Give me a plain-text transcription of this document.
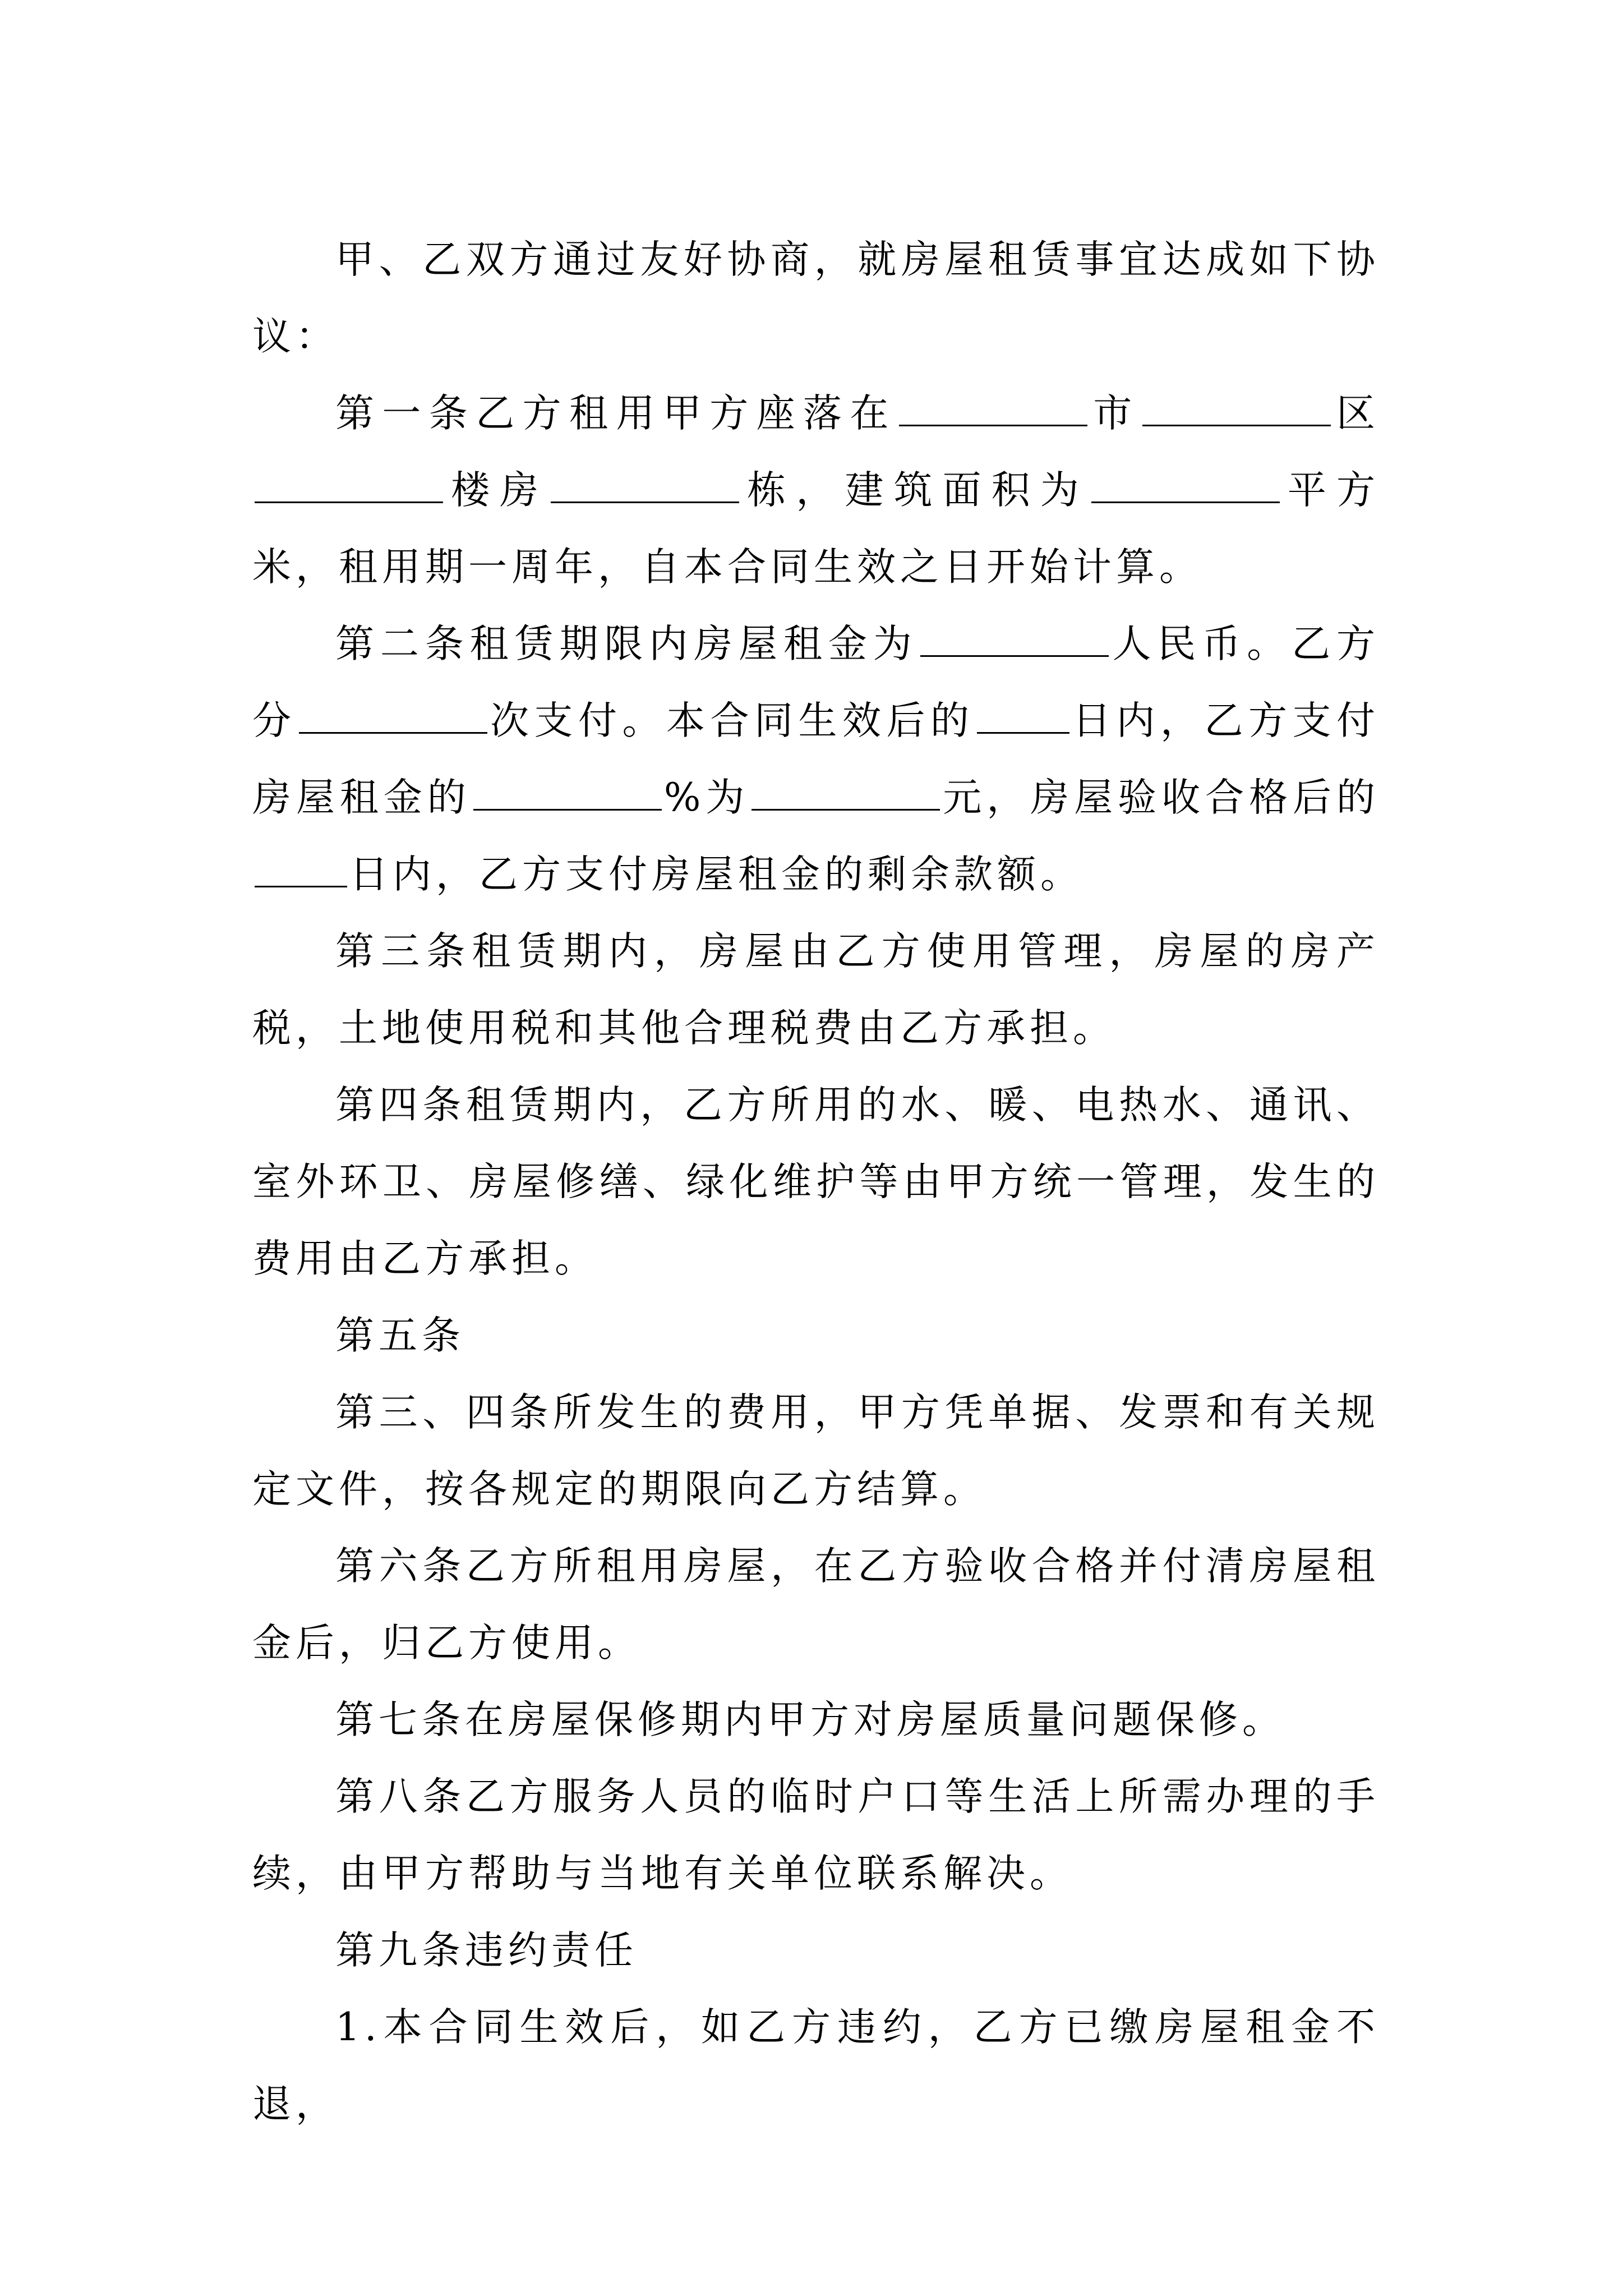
甲、乙双方通过友好协商，就房屋租赁事宜达成如下协议：

第一条乙方租用甲方座落在	市	区楼房	栋，建筑面积为	平方米，租用期一周年，自本合同生效之日开始计算。

第二条租赁期限内房屋租金为	人民币。乙方分	次支付。本合同生效后的	日内，乙方支付房屋租金的	%为	元，房屋验收合格后的日内，乙方支付房屋租金的剩余款额。

第三条租赁期内，房屋由乙方使用管理，房屋的房产税，土地使用税和其他合理税费由乙方承担。

第四条租赁期内，乙方所用的水、暖、电热水、通讯、室外环卫、房屋修缮、绿化维护等由甲方统一管理，发生的费用由乙方承担。

第五条

第三、四条所发生的费用，甲方凭单据、发票和有关规定文件，按各规定的期限向乙方结算。

第六条乙方所租用房屋，在乙方验收合格并付清房屋租金后，归乙方使用。

第七条在房屋保修期内甲方对房屋质量问题保修。

第八条乙方服务人员的临时户口等生活上所需办理的手续，由甲方帮助与当地有关单位联系解决。

第九条违约责任

1.本合同生效后，如乙方违约，乙方已缴房屋租金不退，
